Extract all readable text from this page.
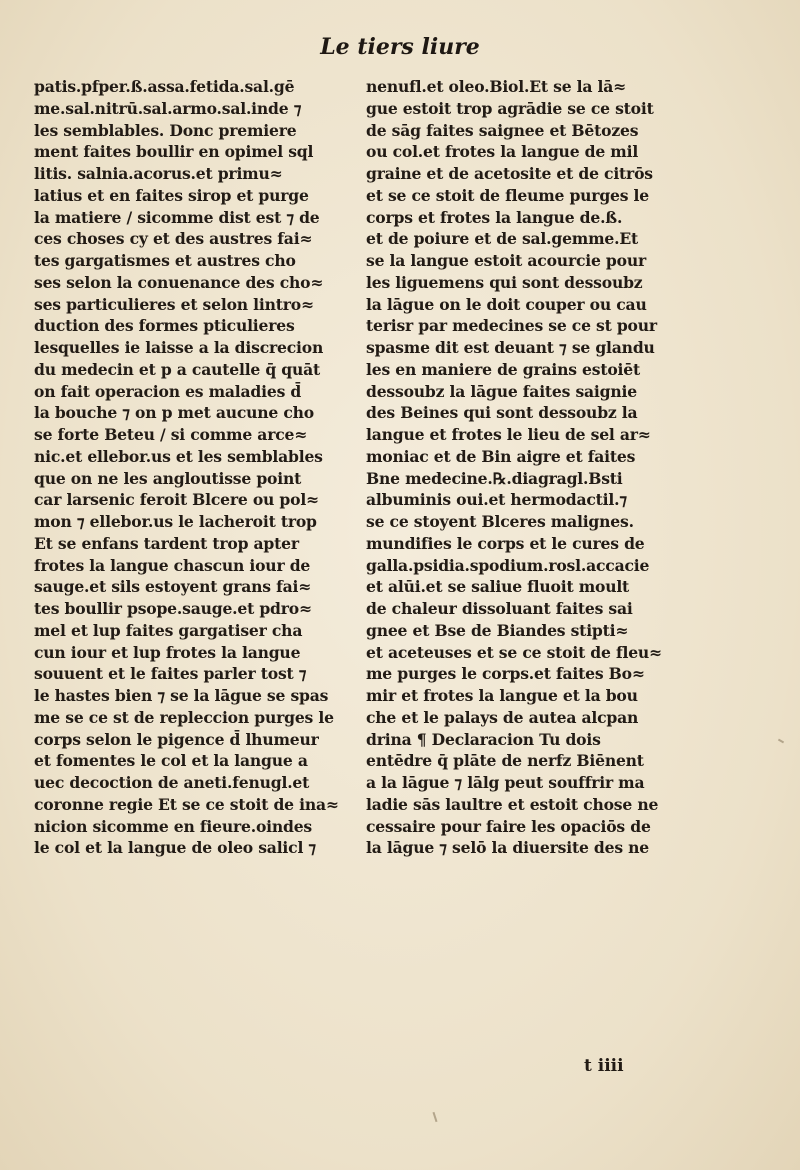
Le tiers liure
patis.pfper.ß.assa.fetida.sal.gē
me.sal.nitrū.sal.armo.sal.inde ⁊
les semblables. Donc premiere
ment faites boullir en opimel sql
litis. salnia.acorus.et primu≈
latius et en faites sirop et purge
la matiere / sicomme dist est ⁊ de
ces choses cy et des austres fai≈
tes gargatismes et austres cho
ses selon la conuenance des cho≈
ses particulieres et selon lintro≈
duction des formes pticulieres
lesquelles ie laisse a la discrecion
du medecin et p a cautelle q̄ quāt
on fait operacion es maladies d̄
la bouche ⁊ on p met aucune cho
se forte Beteu / si comme arce≈
nic.et ellebor.us et les semblables
que on ne les angloutisse point
car larsenic feroit Blcere ou pol≈
mon ⁊ ellebor.us le lacheroit trop
Et se enfans tardent trop apter
frotes la langue chascun iour de
sauge.et sils estoyent grans fai≈
tes boullir psope.sauge.et pdro≈
mel et lup faites gargatiser cha
cun iour et lup frotes la langue
souuent et le faites parler tost ⁊
le hastes bien ⁊ se la lāgue se spas
me se ce st de repleccion purges le
corps selon le pigence d̄ lhumeur
et fomentes le col et la langue a
uec decoction de aneti.fenugl.et
coronne regie Et se ce stoit de ina≈
nicion sicomme en fieure.oindes
le col et la langue de oleo salicl ⁊
nenufl.et oleo.Biol.Et se la lā≈
gue estoit trop agrādie se ce stoit
de sāg faites saignee et Bētozes
ou col.et frotes la langue de mil
graine et de acetosite et de citrōs
et se ce stoit de fleume purges le
corps et frotes la langue de.ß.
et de poiure et de sal.gemme.Et
se la langue estoit acourcie pour
les liguemens qui sont dessoubz
la lāgue on le doit couper ou cau
terisr par medecines se ce st pour
spasme dit est deuant ⁊ se glandu
les en maniere de grains estoiēt
dessoubz la lāgue faites saignie
des Beines qui sont dessoubz la
langue et frotes le lieu de sel ar≈
moniac et de Bin aigre et faites
Bne medecine.℞.diagragl.Bsti
albuminis oui.et hermodactil.⁊
se ce stoyent Blceres malignes.
mundifies le corps et le cures de
galla.psidia.spodium.rosl.accacie
et alūi.et se saliue fluoit moult
de chaleur dissoluant faites sai
gnee et Bse de Biandes stipti≈
et aceteuses et se ce stoit de fleu≈
me purges le corps.et faites Bo≈
mir et frotes la langue et la bou
che et le palays de autea alcpan
drina ¶ Declaracion Tu dois
entēdre q̄ plāte de nerfz Biēnent
a la lāgue ⁊ lālg peut souffrir ma
ladie sās laultre et estoit chose ne
cessaire pour faire les opaciōs de
la lāgue ⁊ selō la diuersite des ne
t iiii
